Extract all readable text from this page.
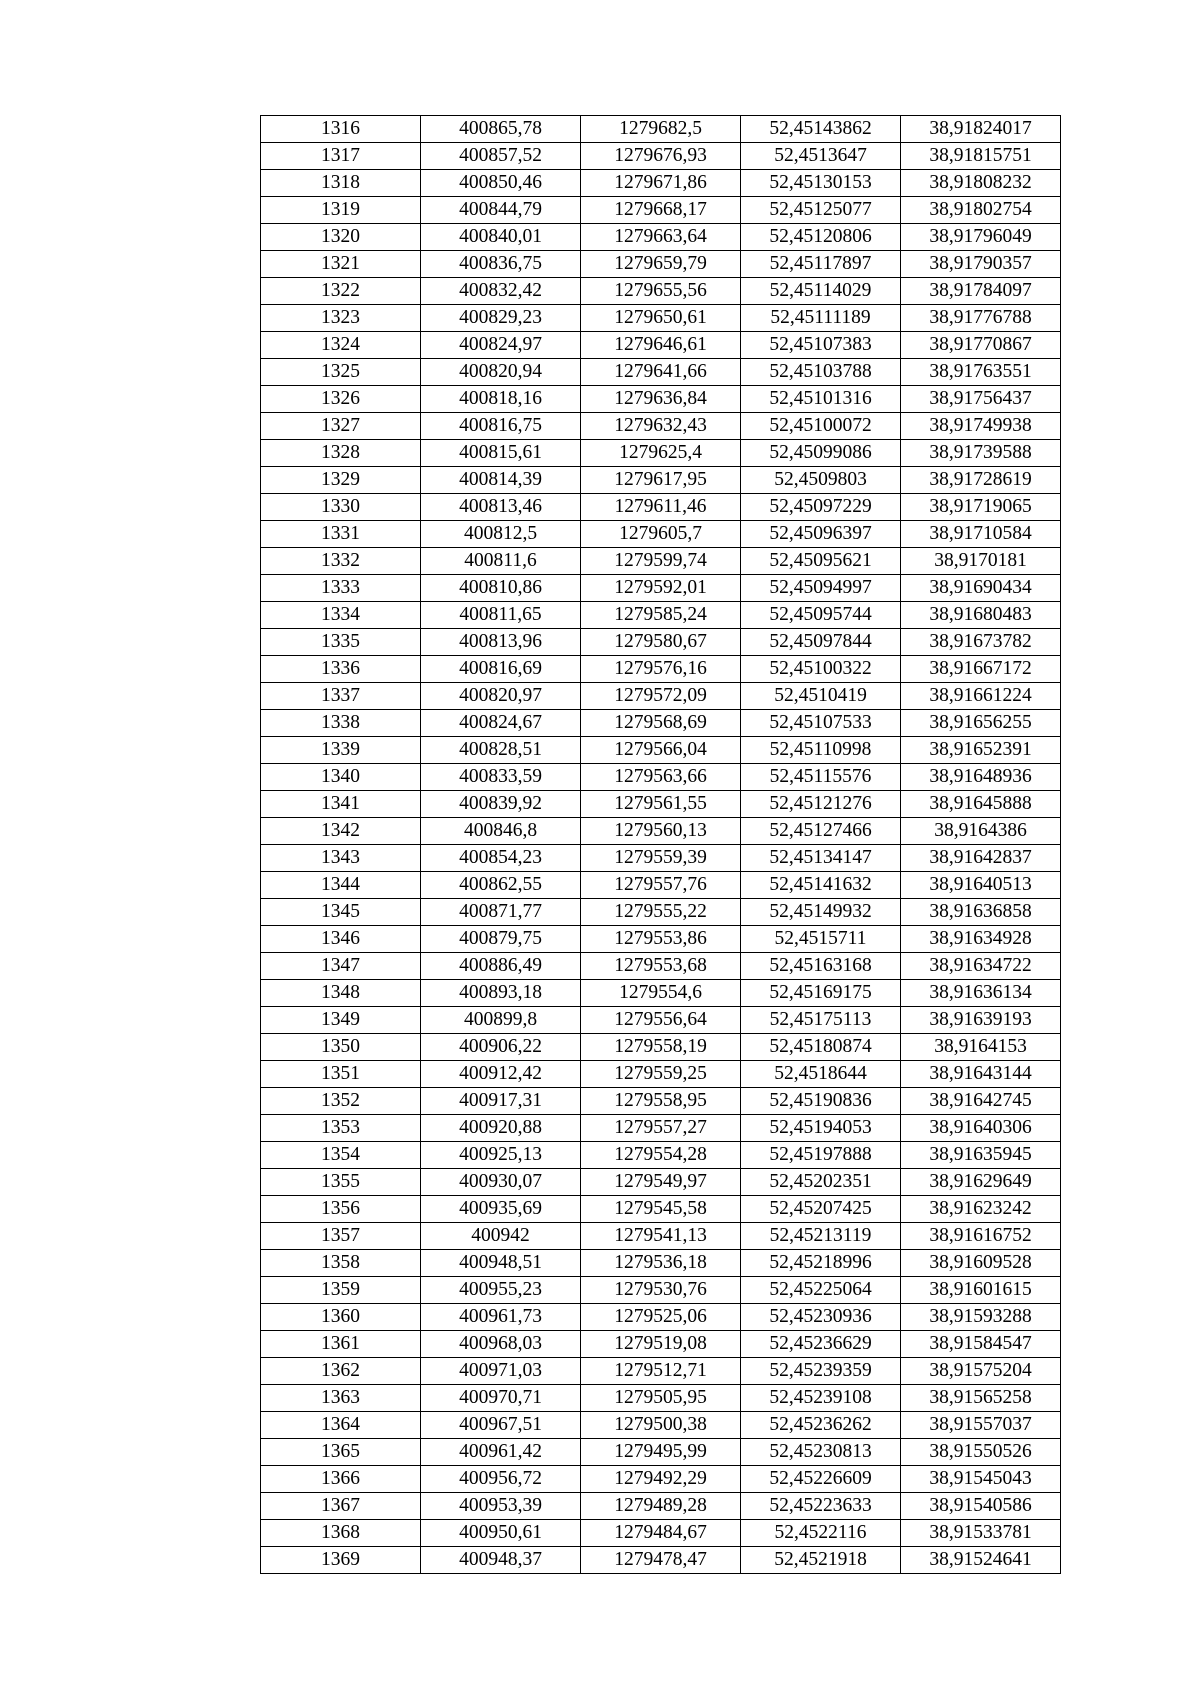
1316	400865,78	1279682,5	52,45143862	38,91824017
1317	400857,52	1279676,93	52,4513647	38,91815751
1318	400850,46	1279671,86	52,45130153	38,91808232
1319	400844,79	1279668,17	52,45125077	38,91802754
1320	400840,01	1279663,64	52,45120806	38,91796049
1321	400836,75	1279659,79	52,45117897	38,91790357
1322	400832,42	1279655,56	52,45114029	38,91784097
1323	400829,23	1279650,61	52,45111189	38,91776788
1324	400824,97	1279646,61	52,45107383	38,91770867
1325	400820,94	1279641,66	52,45103788	38,91763551
1326	400818,16	1279636,84	52,45101316	38,91756437
1327	400816,75	1279632,43	52,45100072	38,91749938
1328	400815,61	1279625,4	52,45099086	38,91739588
1329	400814,39	1279617,95	52,4509803	38,91728619
1330	400813,46	1279611,46	52,45097229	38,91719065
1331	400812,5	1279605,7	52,45096397	38,91710584
1332	400811,6	1279599,74	52,45095621	38,9170181
1333	400810,86	1279592,01	52,45094997	38,91690434
1334	400811,65	1279585,24	52,45095744	38,91680483
1335	400813,96	1279580,67	52,45097844	38,91673782
1336	400816,69	1279576,16	52,45100322	38,91667172
1337	400820,97	1279572,09	52,4510419	38,91661224
1338	400824,67	1279568,69	52,45107533	38,91656255
1339	400828,51	1279566,04	52,45110998	38,91652391
1340	400833,59	1279563,66	52,45115576	38,91648936
1341	400839,92	1279561,55	52,45121276	38,91645888
1342	400846,8	1279560,13	52,45127466	38,9164386
1343	400854,23	1279559,39	52,45134147	38,91642837
1344	400862,55	1279557,76	52,45141632	38,91640513
1345	400871,77	1279555,22	52,45149932	38,91636858
1346	400879,75	1279553,86	52,4515711	38,91634928
1347	400886,49	1279553,68	52,45163168	38,91634722
1348	400893,18	1279554,6	52,45169175	38,91636134
1349	400899,8	1279556,64	52,45175113	38,91639193
1350	400906,22	1279558,19	52,45180874	38,9164153
1351	400912,42	1279559,25	52,4518644	38,91643144
1352	400917,31	1279558,95	52,45190836	38,91642745
1353	400920,88	1279557,27	52,45194053	38,91640306
1354	400925,13	1279554,28	52,45197888	38,91635945
1355	400930,07	1279549,97	52,45202351	38,91629649
1356	400935,69	1279545,58	52,45207425	38,91623242
1357	400942	1279541,13	52,45213119	38,91616752
1358	400948,51	1279536,18	52,45218996	38,91609528
1359	400955,23	1279530,76	52,45225064	38,91601615
1360	400961,73	1279525,06	52,45230936	38,91593288
1361	400968,03	1279519,08	52,45236629	38,91584547
1362	400971,03	1279512,71	52,45239359	38,91575204
1363	400970,71	1279505,95	52,45239108	38,91565258
1364	400967,51	1279500,38	52,45236262	38,91557037
1365	400961,42	1279495,99	52,45230813	38,91550526
1366	400956,72	1279492,29	52,45226609	38,91545043
1367	400953,39	1279489,28	52,45223633	38,91540586
1368	400950,61	1279484,67	52,4522116	38,91533781
1369	400948,37	1279478,47	52,4521918	38,91524641
